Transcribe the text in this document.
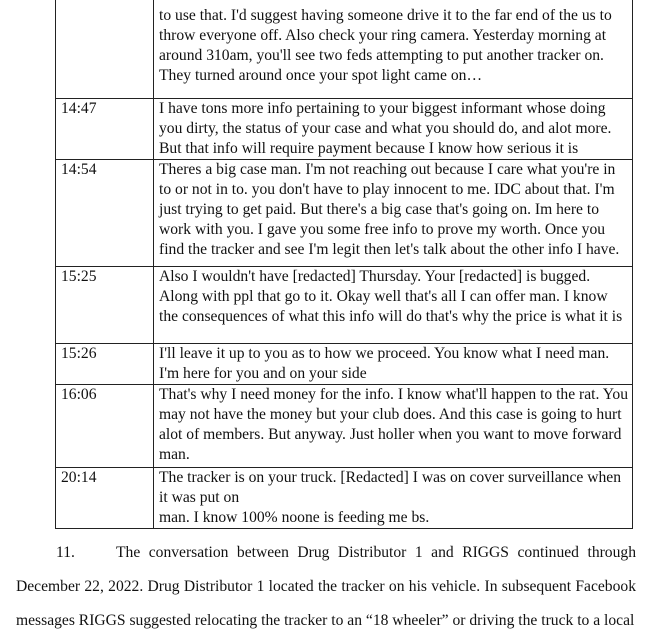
	to use that. I'd suggest having someone drive it to the far end of the us to throw everyone off. Also check your ring camera. Yesterday morning at around 310am, you'll see two feds attempting to put another tracker on. They turned around once your spot light came on…
14:47	I have tons more info pertaining to your biggest informant whose doing you dirty, the status of your case and what you should do, and alot more. But that info will require payment because I know how serious it is
14:54	Theres a big case man. I'm not reaching out because I care what you're in to or not in to. you don't have to play innocent to me. IDC about that. I'm just trying to get paid. But there's a big case that's going on. Im here to work with you. I gave you some free info to prove my worth. Once you find the tracker and see I'm legit then let's talk about the other info I have.
15:25	Also I wouldn't have [redacted] Thursday. Your [redacted] is bugged. Along with ppl that go to it. Okay well that's all I can offer man. I know the consequences of what this info will do that's why the price is what it is
15:26	I'll leave it up to you as to how we proceed. You know what I need man. I'm here for you and on your side
16:06	That's why I need money for the info. I know what'll happen to the rat. You may not have the money but your club does. And this case is going to hurt alot of members. But anyway. Just holler when you want to move forward man.
20:14	The tracker is on your truck. [Redacted] I was on cover surveillance when it was put on
man. I know 100% noone is feeding me bs.
11.	The conversation between Drug Distributor 1 and RIGGS continued through December 22, 2022. Drug Distributor 1 located the tracker on his vehicle. In subsequent Facebook messages RIGGS suggested relocating the tracker to an “18 wheeler” or driving the truck to a local
